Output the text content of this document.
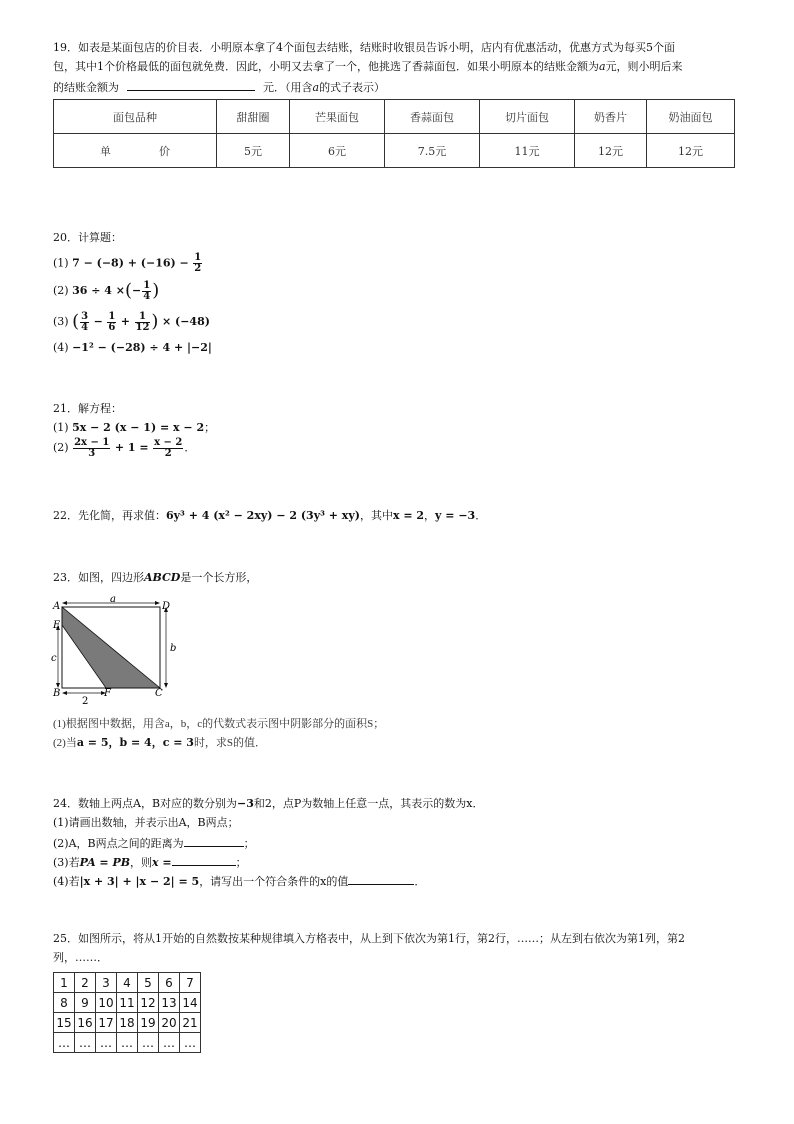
19．如表是某面包店的价目表．小明原本拿了4个面包去结账，结账时收银员告诉小明，店内有优惠活动，优惠方式为每买5个面
包，其中1个价格最低的面包就免费．因此，小明又去拿了一个，他挑选了香蒜面包．如果小明原本的结账金额为a元，则小明后来
的结账金额为	元．（用含a的式子表示）
面包品种	甜甜圈	芒果面包	香蒜面包	切片面包	奶香片	奶油面包
单 价	5元	6元	7.5元	11元	12元	12元
20．计算题：
(1) $7 - (-8) + (-16) - \frac{1}{2}$
(2) 36 ÷ 4 ×(− $\frac{1}{4}$ )
(3) ( $\frac{3}{4} - \frac{1}{6} + \frac{1}{12}$ ) × (−48)
(4) −1² − (−28) ÷ 4 + |−2|
21．解方程：
(1) 5x − 2 (x − 1) = x − 2；
$(2) \frac{2x - 1}{3} + 1 = \frac{x - 2}{2}$ ．
22．先化简，再求值：6y³ + 4 (x² − 2xy) − 2 (3y³ + xy)，其中x = 2，y = −3．
23．如图，四边形ABCD是一个长方形，
A	D
E
B	F	C
a
b
c
2
(1)根据图中数据，用含a，b，c的代数式表示图中阴影部分的面积S；
(2)当a = 5，b = 4，c = 3时，求S的值．
24．数轴上两点A，B对应的数分别为−3和2，点P为数轴上任意一点，其表示的数为x．
(1)请画出数轴，并表示出A，B两点；
(2)A，B两点之间的距离为	；
(3)若PA = PB，则x =	；
(4)若|x + 3| + |x − 2| = 5，请写出一个符合条件的x的值	．
25．如图所示，将从1开始的自然数按某种规律填入方格表中，从上到下依次为第1行，第2行，……；从左到右依次为第1列，第2
列，……．
1	2	3	4	5	6	7
8	9	10	11	12	13	14
15	16	17	18	19	20	21
…	…	…	…	…	…	…
